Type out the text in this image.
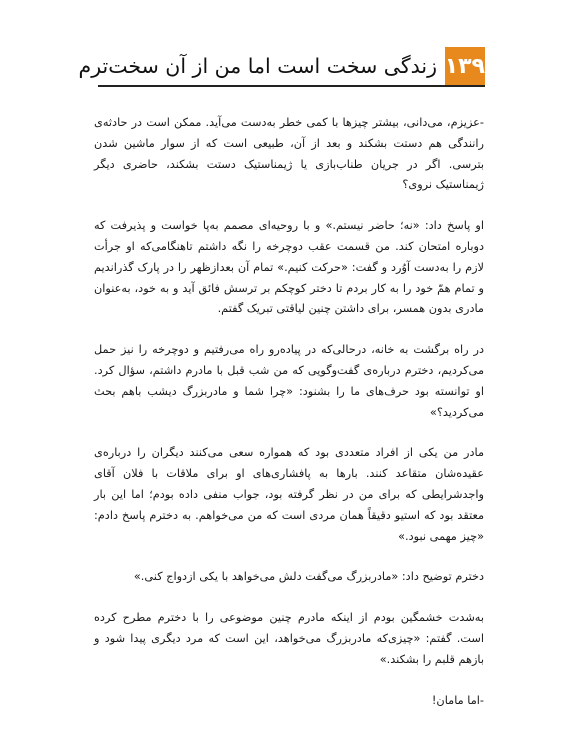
۱۳۹
زندگی سخت است اما من از آن سخت‌ترم

-عزیزم، می‌دانی، بیشتر چیزها با کمی خطر به‌دست می‌آید. ممکن است در حادثه‌ی رانندگی هم دستت بشکند و بعد از آن، طبیعی است که از سوار ماشین شدن بترسی. اگر در جریان طناب‌بازی یا ژیمناستیک دستت بشکند، حاضری دیگر ژیمناستیک نروی؟

او پاسخ داد: «نه؛ حاضر نیستم.» و با روحیه‌ای مصمم به‌پا خواست و پذیرفت که دوباره امتحان کند. من قسمت عقب دوچرخه را نگه داشتم تاهنگامی‌که او جرأت لازم را به‌دست آوُرد و گفت: «حرکت کنیم.» تمام آن بعدازظهر را در پارک گذراندیم و تمام همّ خود را به کار بردم تا دختر کوچکم بر ترسش فائق آید و به خود، به‌عنوان مادری بدون همسر، برای داشتن چنین لیاقتی تبریک گفتم.

در راه برگشت به خانه، درحالی‌که در پیاده‌رو راه می‌رفتیم و دوچرخه را نیز حمل می‌کردیم، دخترم درباره‌ی گفت‌وگویی که من شب قبل با مادرم داشتم، سؤال کرد. او توانسته بود حرف‌های ما را بشنود: «چرا شما و مادربزرگ دیشب باهم بحث می‌کردید؟»

مادر من یکی از افراد متعددی بود که همواره سعی می‌کنند دیگران را درباره‌ی عقیده‌شان متقاعد کنند. بارها به پافشاری‌های او برای ملاقات با فلان آقای واجدشرایطی که برای من در نظر گرفته بود، جواب منفی داده بودم؛ اما این بار معتقد بود که استیو دقیقاً همان مردی است که من می‌خواهم. به دخترم پاسخ دادم: «چیز مهمی نبود.»

دخترم توضیح داد: «مادربزرگ می‌گفت دلش می‌خواهد با یکی ازدواج کنی.»

به‌شدت خشمگین بودم از اینکه مادرم چنین موضوعی را با دخترم مطرح کرده است. گفتم: «چیزی‌که مادربزرگ می‌خواهد، این است که مرد دیگری پیدا شود و بازهم قلبم را بشکند.»

-اما مامان!
